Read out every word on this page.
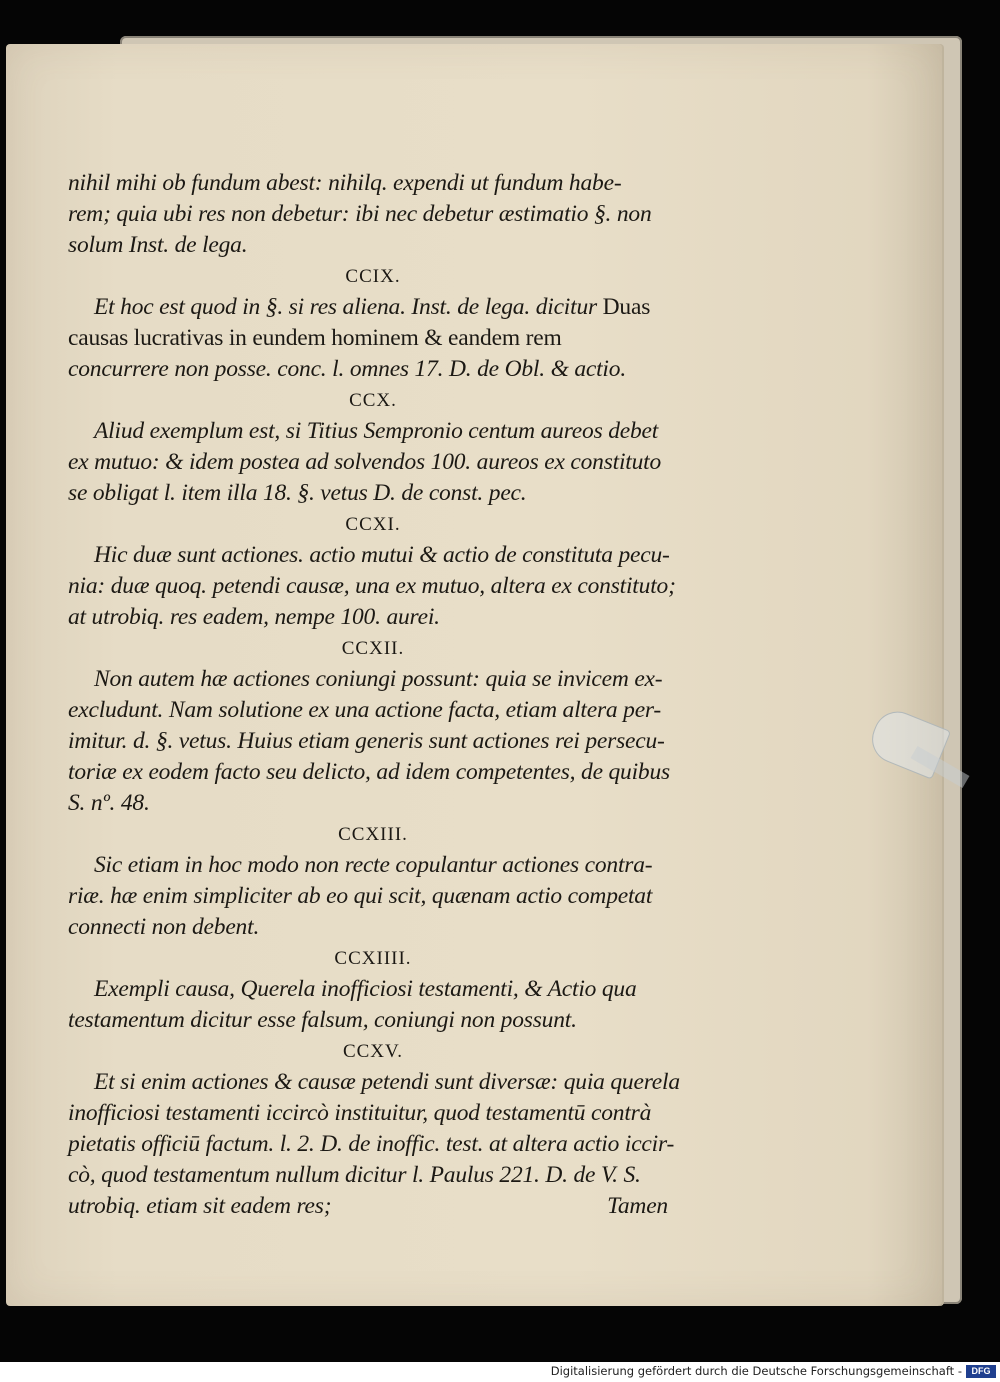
nihil mihi ob fundum abest: nihilq. expendi ut fundum habe-
rem; quia ubi res non debetur: ibi nec debetur æstimatio §. non
solum Inst. de lega.
CCIX.
Et hoc est quod in §. si res aliena. Inst. de lega. dicitur Duas
causas lucrativas in eundem hominem & eandem rem
concurrere non posse. conc. l. omnes 17. D. de Obl. & actio.
CCX.
Aliud exemplum est, si Titius Sempronio centum aureos debet
ex mutuo: & idem postea ad solvendos 100. aureos ex constituto
se obligat l. item illa 18. §. vetus D. de const. pec.
CCXI.
Hic duæ sunt actiones. actio mutui & actio de constituta pecu-
nia: duæ quoq. petendi causæ, una ex mutuo, altera ex constituto;
at utrobiq. res eadem, nempe 100. aurei.
CCXII.
Non autem hæ actiones coniungi possunt: quia se invicem ex-
excludunt. Nam solutione ex una actione facta, etiam altera per-
imitur. d. §. vetus. Huius etiam generis sunt actiones rei persecu-
toriæ ex eodem facto seu delicto, ad idem competentes, de quibus
S. nº. 48.
CCXIII.
Sic etiam in hoc modo non recte copulantur actiones contra-
riæ. hæ enim simpliciter ab eo qui scit, quænam actio competat
connecti non debent.
CCXIIII.
Exempli causa, Querela inofficiosi testamenti, & Actio qua
testamentum dicitur esse falsum, coniungi non possunt.
CCXV.
Et si enim actiones & causæ petendi sunt diversæ: quia querela
inofficiosi testamenti iccircò instituitur, quod testamentū contrà
pietatis officiū factum. l. 2. D. de inoffic. test. at altera actio iccir-
cò, quod testamentum nullum dicitur l. Paulus 221. D. de V. S.
utrobiq. etiam sit eadem res;	Tamen
Digitalisierung gefördert durch die Deutsche Forschungsgemeinschaft -	DFG
